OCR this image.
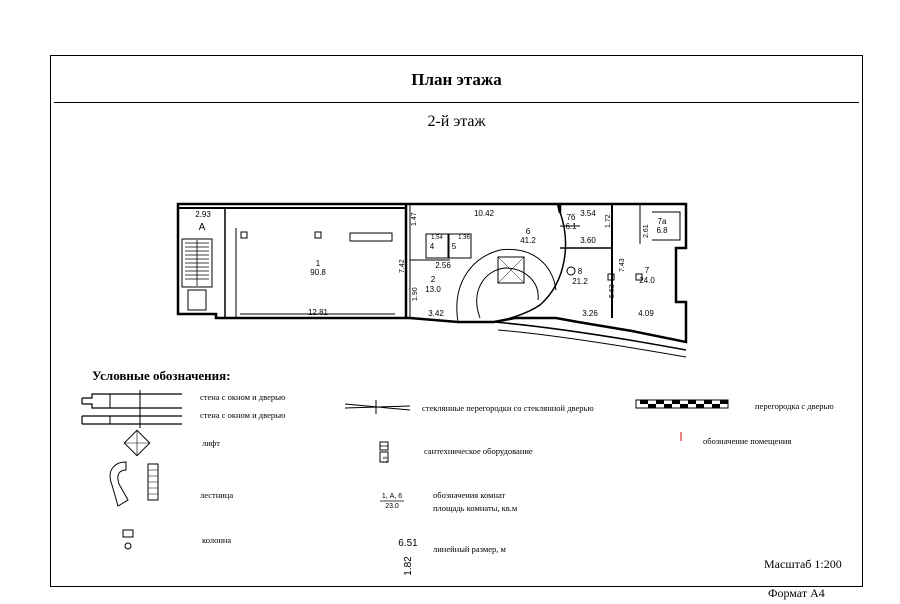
План этажа
2-й этаж
2.93
А
1
90.8
12.81
10.42
6
41.2
2
13.0
2.56
3.42
4 5
1.54	1.36
7б
6.1
3.54
3.60
7а
6.8
8
21.2
7
24.0
3.26	4.09
1.47
7.42
1.90
1.72
2.61
7.43
5.63
Условные обозначения:
1, А, 6
23.0
6.51
1.82
1.9
стена с окном и дверью
стена с окном и дверью
лифт
лестница
колонна
стеклянные перегородки со стеклянной дверью
сантехническое оборудование
обозначения комнат
площадь комнаты, кв.м
линейный размер, м
перегородка с дверью
обозначение помещения
Масштаб 1:200
Формат А4
